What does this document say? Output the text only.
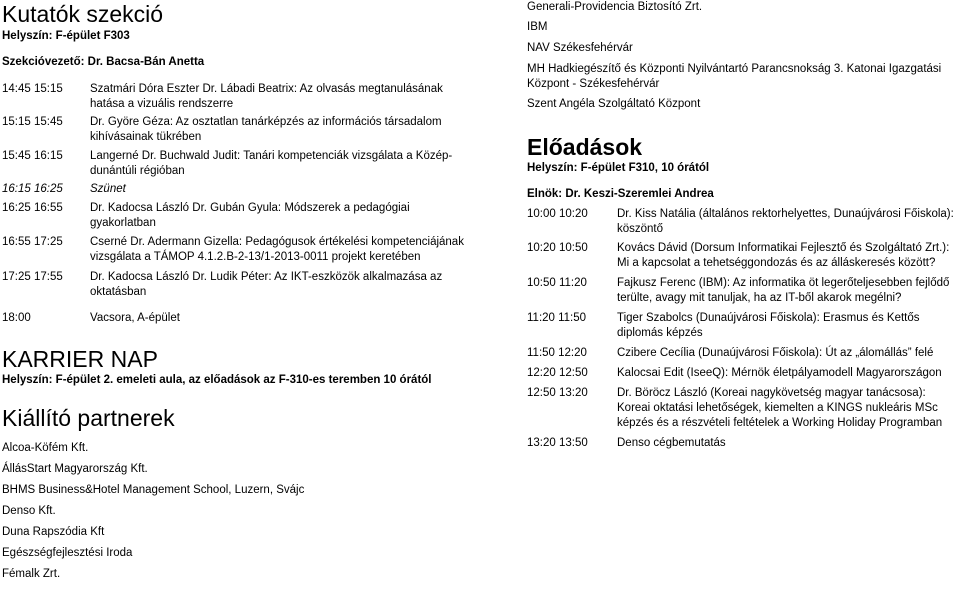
Kutatók szekció
Helyszín: F-épület F303
Szekcióvezető: Dr. Bacsa-Bán Anetta
14:45 15:15	Szatmári Dóra Eszter Dr. Lábadi Beatrix: Az olvasás megtanulásának hatása a vizuális rendszerre
15:15 15:45	Dr. Györe Géza: Az osztatlan tanárképzés az információs társadalom kihívásainak tükrében
15:45 16:15	Langerné Dr. Buchwald Judit: Tanári kompetenciák vizsgálata a Közép-dunántúli régióban
16:15 16:25	Szünet
16:25 16:55	Dr. Kadocsa László Dr. Gubán Gyula: Módszerek a pedagógiai gyakorlatban
16:55 17:25	Cserné Dr. Adermann Gizella: Pedagógusok értékelési kompetenciájának vizsgálata a TÁMOP 4.1.2.B-2-13/1-2013-0011 projekt keretében
17:25 17:55	Dr. Kadocsa László Dr. Ludik Péter: Az IKT-eszközök alkalmazása az oktatásban
18:00	Vacsora, A-épület
KARRIER NAP
Helyszín: F-épület 2. emeleti aula, az előadások az F-310-es teremben 10 órától
Kiállító partnerek
Alcoa-Köfém Kft.
ÁllásStart Magyarország Kft.
BHMS Business&Hotel Management School, Luzern, Svájc
Denso Kft.
Duna Rapszódia Kft
Egészségfejlesztési Iroda
Fémalk Zrt.
Generali-Providencia Biztosító Zrt.
IBM
NAV Székesfehérvár
MH Hadkiegészítő és Központi Nyilvántartó Parancsnokság 3. Katonai Igazgatási Központ - Székesfehérvár
Szent Angéla Szolgáltató Központ
Előadások
Helyszín: F-épület F310, 10 órától
Elnök: Dr. Keszi-Szeremlei Andrea
10:00 10:20	Dr. Kiss Natália (általános rektorhelyettes, Dunaújvárosi Főiskola): köszöntő
10:20 10:50	Kovács Dávid (Dorsum Informatikai Fejlesztő és Szolgáltató Zrt.): Mi a kapcsolat a tehetséggondozás és az álláskeresés között?
10:50 11:20	Fajkusz Ferenc (IBM): Az informatika öt legerőteljesebben fejlődő terülte, avagy mit tanuljak, ha az IT-ből akarok megélni?
11:20 11:50	Tiger Szabolcs (Dunaújvárosi Főiskola): Erasmus és Kettős diplomás képzés
11:50 12:20	Czibere Cecília (Dunaújvárosi Főiskola): Út az „álomállás” felé
12:20 12:50	Kalocsai Edit (IseeQ): Mérnök életpályamodell Magyarországon
12:50 13:20	Dr. Böröcz László (Koreai nagykövetség magyar tanácsosa): Koreai oktatási lehetőségek, kiemelten a KINGS nukleáris MSc képzés és a részvételi feltételek a Working Holiday Programban
13:20 13:50	Denso cégbemutatás
